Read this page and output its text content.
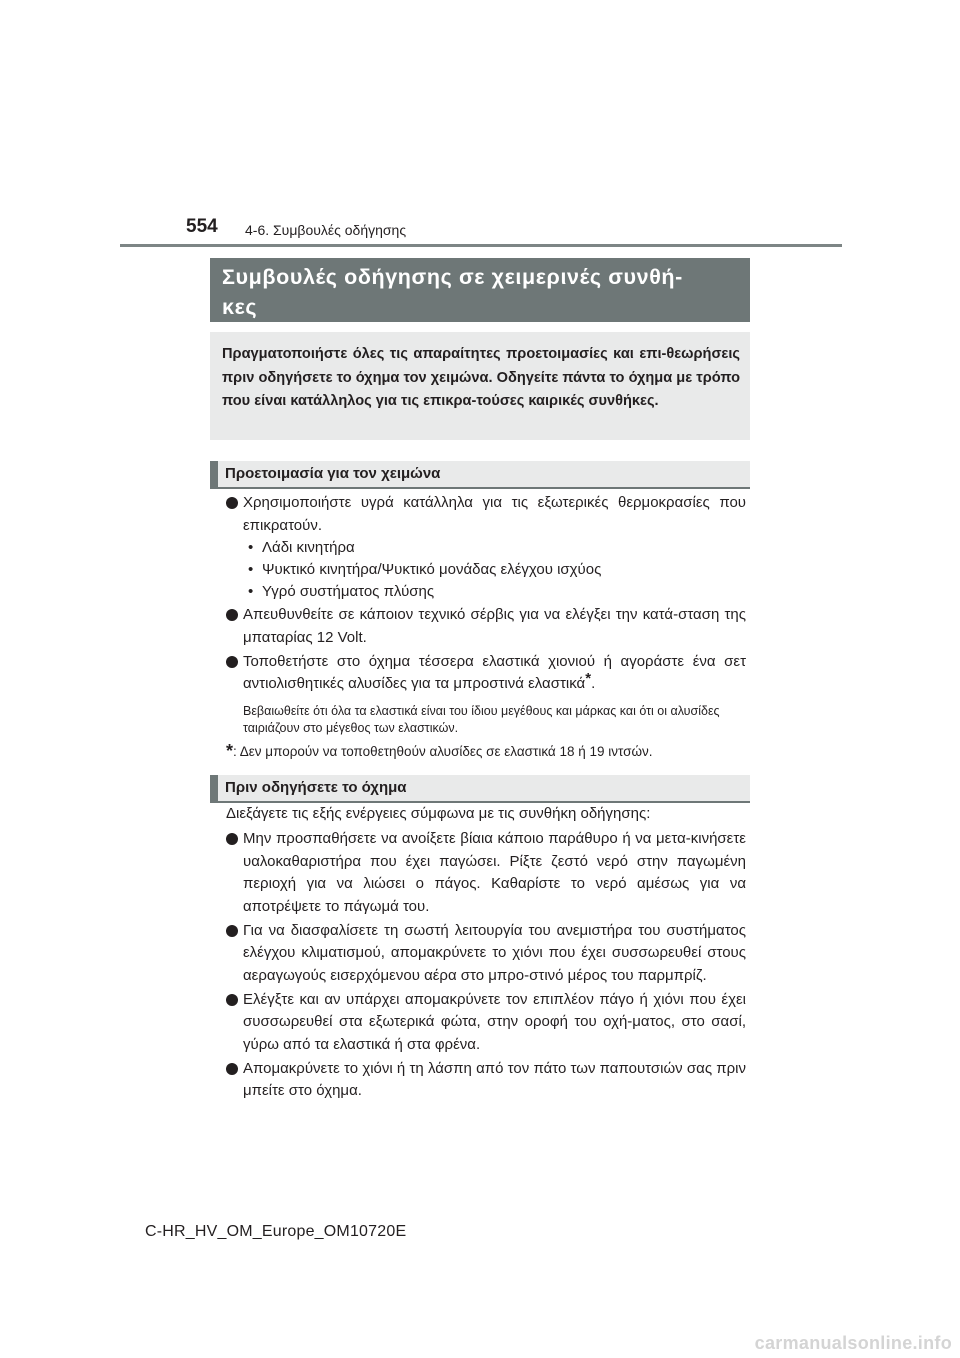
554 4-6. Συμβουλές οδήγησης
Συμβουλές οδήγησης σε χειμερινές συνθή-
κες
Πραγματοποιήστε όλες τις απαραίτητες προετοιμασίες και επι-θεωρήσεις πριν οδηγήσετε το όχημα τον χειμώνα. Οδηγείτε πάντα το όχημα με τρόπο που είναι κατάλληλος για τις επικρα-τούσες καιρικές συνθήκες.
Προετοιμασία για τον χειμώνα
Χρησιμοποιήστε υγρά κατάλληλα για τις εξωτερικές θερμοκρασίες που επικρατούν.
• Λάδι κινητήρα
• Ψυκτικό κινητήρα/Ψυκτικό μονάδας ελέγχου ισχύος
• Υγρό συστήματος πλύσης
Απευθυνθείτε σε κάποιον τεχνικό σέρβις για να ελέγξει την κατά-σταση της μπαταρίας 12 Volt.
Τοποθετήστε στο όχημα τέσσερα ελαστικά χιονιού ή αγοράστε ένα σετ αντιολισθητικές αλυσίδες για τα μπροστινά ελαστικά*.
Βεβαιωθείτε ότι όλα τα ελαστικά είναι του ίδιου μεγέθους και μάρκας και ότι οι αλυσίδες ταιριάζουν στο μέγεθος των ελαστικών.
*: Δεν μπορούν να τοποθετηθούν αλυσίδες σε ελαστικά 18 ή 19 ιντσών.
Πριν οδηγήσετε το όχημα
Διεξάγετε τις εξής ενέργειες σύμφωνα με τις συνθήκη οδήγησης:
Μην προσπαθήσετε να ανοίξετε βίαια κάποιο παράθυρο ή να μετα-κινήσετε υαλοκαθαριστήρα που έχει παγώσει. Ρίξτε ζεστό νερό στην παγωμένη περιοχή για να λιώσει ο πάγος. Καθαρίστε το νερό αμέσως για να αποτρέψετε το πάγωμά του.
Για να διασφαλίσετε τη σωστή λειτουργία του ανεμιστήρα του συστήματος ελέγχου κλιματισμού, απομακρύνετε το χιόνι που έχει συσσωρευθεί στους αεραγωγούς εισερχόμενου αέρα στο μπρο-στινό μέρος του παρμπρίζ.
Ελέγξτε και αν υπάρχει απομακρύνετε τον επιπλέον πάγο ή χιόνι που έχει συσσωρευθεί στα εξωτερικά φώτα, στην οροφή του οχή-ματος, στο σασί, γύρω από τα ελαστικά ή στα φρένα.
Απομακρύνετε το χιόνι ή τη λάσπη από τον πάτο των παπουτσιών σας πριν μπείτε στο όχημα.
C-HR_HV_OM_Europe_OM10720E
carmanualsonline.info
